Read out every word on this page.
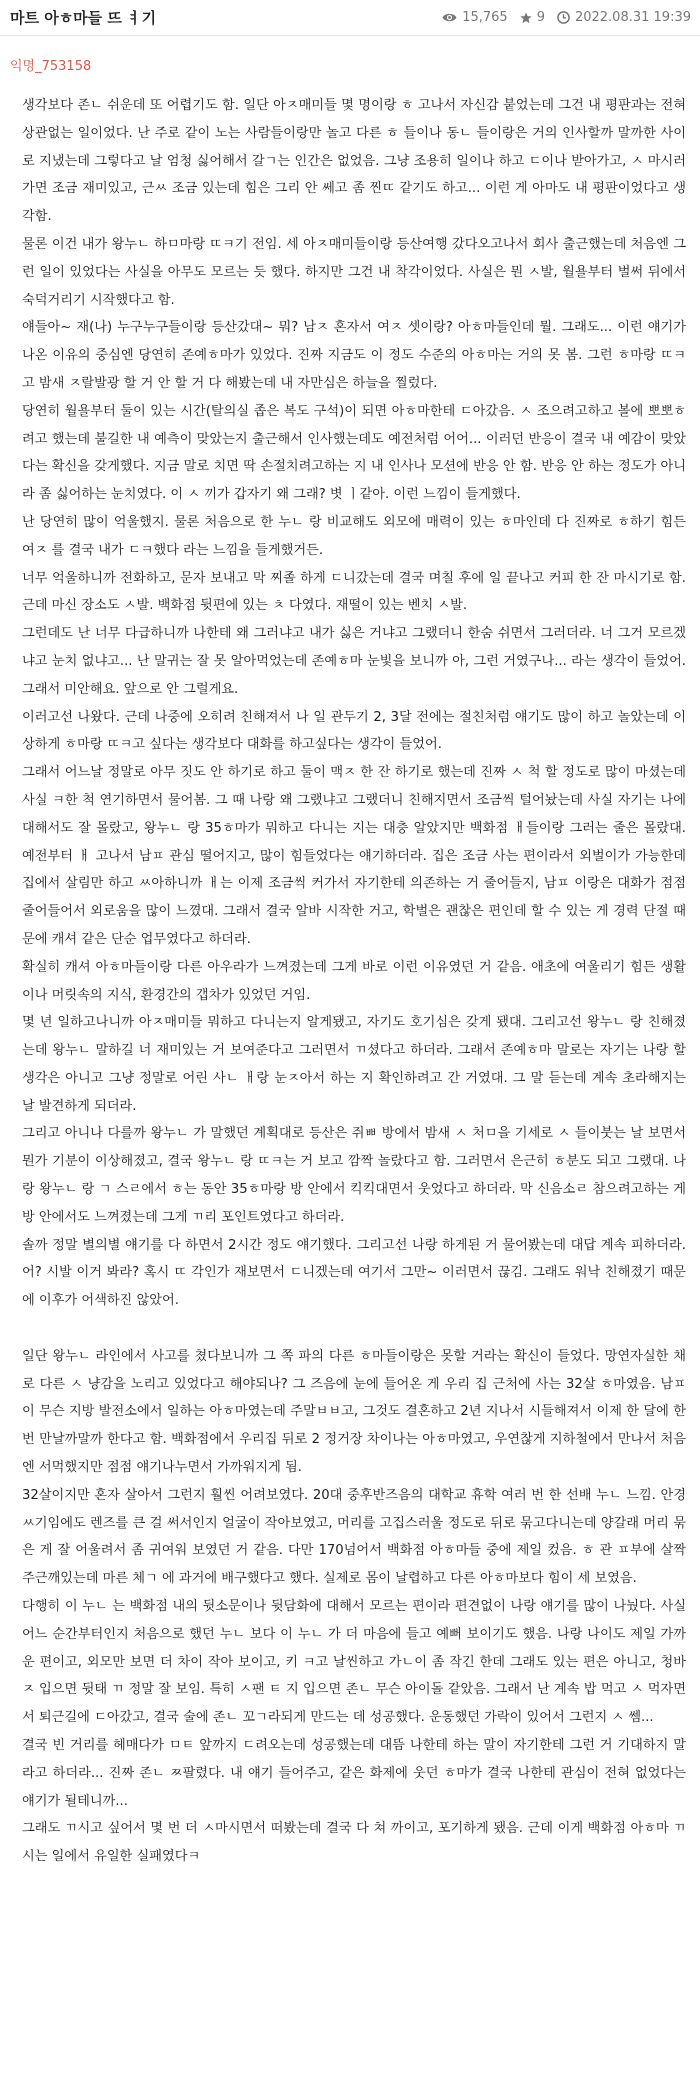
마트 아ㅎ마들 뜨 ㅕ기	15,765 9 2022.08.31 19:39
익명_753158

생각보다 존ㄴ 쉬운데 또 어렵기도 함. 일단 아ㅈ매미들 몇 명이랑 ㅎ 고나서 자신감 붙었는데 그건 내 평판과는 전혀 상관없는 일이었다. 난 주로 같이 노는 사람들이랑만 놀고 다른 ㅎ 들이나 동ㄴ 들이랑은 거의 인사할까 말까한 사이로 지냈는데 그렇다고 날 엄청 싫어해서 갈ㄱ는 인간은 없었음. 그냥 조용히 일이나 하고 ㄷ이나 받아가고, ㅅ 마시러 가면 조금 재미있고, 근ㅆ 조금 있는데 힘은 그리 안 쎄고 좀 찐ㄸ 같기도 하고... 이런 게 아마도 내 평판이었다고 생각함.

물론 이건 내가 왕누ㄴ 하ㅁ마랑 ㄸㅋ기 전임. 세 아ㅈ매미들이랑 등산여행 갔다오고나서 회사 출근했는데 처음엔 그런 일이 있었다는 사실을 아무도 모르는 듯 했다. 하지만 그건 내 착각이었다. 사실은 뭔 ㅅ발, 월욜부터 벌써 뒤에서 숙덕거리기 시작했다고 함.

얘들아~ 재(나) 누구누구들이랑 등산갔대~ 뭐? 남ㅈ 혼자서 여ㅈ 셋이랑? 아ㅎ마들인데 뭘. 그래도... 이런 얘기가 나온 이유의 중심엔 당연히 존예ㅎ마가 있었다. 진짜 지금도 이 정도 수준의 아ㅎ마는 거의 못 봄. 그런 ㅎ마랑 ㄸㅋ고 밤새 ㅈ랄발광 할 거 안 할 거 다 해봤는데 내 자만심은 하늘을 찔렀다.

당연히 월욜부터 둘이 있는 시간(탈의실 좁은 복도 구석)이 되면 아ㅎ마한테 ㄷ아갔음. ㅅ 조으려고하고 볼에 뽀뽀ㅎ려고 했는데 불길한 내 예측이 맞았는지 출근해서 인사했는데도 예전처럼 어어... 이러던 반응이 결국 내 예감이 맞았다는 확신을 갖게했다. 지금 말로 치면 딱 손절치려고하는 지 내 인사나 모션에 반응 안 함. 반응 안 하는 정도가 아니라 좀 싫어하는 눈치였다. 이 ㅅ 끼가 갑자기 왜 그래? 볏 ㅣ같아. 이런 느낌이 들게했다.

난 당연히 많이 억울했지. 물론 처음으로 한 누ㄴ 랑 비교해도 외모에 매력이 있는 ㅎ마인데 다 진짜로 ㅎ하기 힘든 여ㅈ 를 결국 내가 ㄷㅋ했다 라는 느낌을 들게했거든.

너무 억울하니까 전화하고, 문자 보내고 막 찌졸 하게 ㄷ니갔는데 결국 며칠 후에 일 끝나고 커피 한 잔 마시기로 함. 근데 마신 장소도 ㅅ발. 백화점 뒷편에 있는 ㅊ 다였다. 재떨이 있는 벤치 ㅅ발.

그런데도 난 너무 다급하니까 나한테 왜 그러냐고 내가 싫은 거냐고 그랬더니 한숨 쉬면서 그러더라. 너 그거 모르겠냐고 눈치 없냐고... 난 말귀는 잘 못 알아먹었는데 존예ㅎ마 눈빛을 보니까 아, 그런 거였구나... 라는 생각이 들었어. 그래서 미안해요. 앞으로 안 그럴게요.

이러고선 나왔다. 근데 나중에 오히려 친해져서 나 일 관두기 2, 3달 전에는 절친처럼 얘기도 많이 하고 놀았는데 이상하게 ㅎ마랑 ㄸㅋ고 싶다는 생각보다 대화를 하고싶다는 생각이 들었어.

그래서 어느날 정말로 아무 짓도 안 하기로 하고 둘이 맥ㅈ 한 잔 하기로 했는데 진짜 ㅅ 척 할 정도로 많이 마셨는데 사실 ㅋ한 척 연기하면서 물어봄. 그 때 나랑 왜 그랬냐고 그랬더니 친해지면서 조금씩 털어놨는데 사실 자기는 나에 대해서도 잘 몰랐고, 왕누ㄴ 랑 35ㅎ마가 뭐하고 다니는 지는 대충 알았지만 백화점 ㅐ들이랑 그러는 줄은 몰랐대. 예전부터 ㅐ 고나서 남ㅍ 관심 떨어지고, 많이 힘들었다는 얘기하더라. 집은 조금 사는 편이라서 외벌이가 가능한데 집에서 살림만 하고 ㅆ아하니까 ㅐ는 이제 조금씩 커가서 자기한테 의존하는 거 줄어들지, 남ㅍ 이랑은 대화가 점점 줄어들어서 외로움을 많이 느꼈대. 그래서 결국 알바 시작한 거고, 학벌은 괜찮은 편인데 할 수 있는 게 경력 단절 때문에 캐셔 같은 단순 업무였다고 하더라.

확실히 캐셔 아ㅎ마들이랑 다른 아우라가 느껴졌는데 그게 바로 이런 이유였던 거 같음. 애초에 여울리기 힘든 생활이나 머릿속의 지식, 환경간의 갭차가 있었던 거임.

몇 년 일하고나니까 아ㅈ매미들 뭐하고 다니는지 알게됐고, 자기도 호기심은 갖게 됐대. 그리고선 왕누ㄴ 랑 친해졌는데 왕누ㄴ 말하길 너 재미있는 거 보여준다고 그러면서 ㄲ셨다고 하더라. 그래서 존예ㅎ마 말로는 자기는 나랑 할 생각은 아니고 그냥 정말로 어린 사ㄴ ㅐ랑 눈ㅈ아서 하는 지 확인하려고 간 거였대. 그 말 듣는데 계속 초라해지는 날 발견하게 되더라.

그리고 아니나 다를까 왕누ㄴ 가 말했던 계획대로 등산은 쥐ㅃ 방에서 밤새 ㅅ 처ㅁ을 기세로 ㅅ 들이붓는 날 보면서 뭔가 기분이 이상해졌고, 결국 왕누ㄴ 랑 ㄸㅋ는 거 보고 깜짝 놀랐다고 함. 그러면서 은근히 ㅎ분도 되고 그랬대. 나랑 왕누ㄴ 랑 ㄱ 스ㄹ에서 ㅎ는 동안 35ㅎ마랑 방 안에서 킥킥대면서 웃었다고 하더라. 막 신음소ㄹ 참으려고하는 게 방 안에서도 느껴졌는데 그게 ㄲ리 포인트였다고 하더라.

솔까 정말 별의별 얘기를 다 하면서 2시간 정도 얘기했다. 그리고선 나랑 하게된 거 물어봤는데 대답 계속 피하더라. 어? 시발 이거 봐라? 혹시 ㄸ 각인가 재보면서 ㄷ니겠는데 여기서 그만~ 이러면서 끊김. 그래도 워낙 친해졌기 때문에 이후가 어색하진 않았어.

일단 왕누ㄴ 라인에서 사고를 쳤다보니까 그 쪽 파의 다른 ㅎ마들이랑은 못할 거라는 확신이 들었다. 망연자실한 채로 다른 ㅅ 냥감을 노리고 있었다고 해야되나? 그 즈음에 눈에 들어온 게 우리 집 근처에 사는 32살 ㅎ마였음. 남ㅍ 이 무슨 지방 발전소에서 일하는 아ㅎ마였는데 주말ㅂㅂ고, 그것도 결혼하고 2년 지나서 시들해져서 이제 한 달에 한 번 만날까말까 한다고 함. 백화점에서 우리집 뒤로 2 정거장 차이나는 아ㅎ마였고, 우연찮게 지하철에서 만나서 처음엔 서먹했지만 점점 얘기나누면서 가까워지게 됨.

32살이지만 혼자 살아서 그런지 훨씬 어려보였다. 20대 중후반즈음의 대학교 휴학 여러 번 한 선배 누ㄴ 느낌. 안경ㅆ기임에도 렌즈를 큰 걸 써서인지 얼굴이 작아보였고, 머리를 고집스러울 정도로 뒤로 묶고다니는데 양갈래 머리 묶은 게 잘 어울려서 좀 귀여워 보였던 거 같음. 다만 170넘어서 백화점 아ㅎ마들 중에 제일 컸음. ㅎ 관 ㅍ부에 살짝 주근깨있는데 마른 체ㄱ 에 과거에 배구했다고 했다. 실제로 몸이 날렵하고 다른 아ㅎ마보다 힘이 세 보였음.

다행히 이 누ㄴ 는 백화점 내의 뒷소문이나 뒷담화에 대해서 모르는 편이라 편견없이 나랑 얘기를 많이 나눴다. 사실 어느 순간부터인지 처음으로 했던 누ㄴ 보다 이 누ㄴ 가 더 마음에 들고 예뻐 보이기도 했음. 나랑 나이도 제일 가까운 편이고, 외모만 보면 더 차이 작아 보이고, 키 ㅋ고 날씬하고 가ㄴ이 좀 작긴 한데 그래도 있는 편은 아니고, 청바 ㅈ 입으면 뒷태 ㄲ 정말 잘 보임. 특히 ㅅ팬 ㅌ 지 입으면 존ㄴ 무슨 아이돌 같았음. 그래서 난 계속 밥 먹고 ㅅ 먹자면서 퇴근길에 ㄷ아갔고, 결국 술에 존ㄴ 꼬ㄱ라되게 만드는 데 성공했다. 운동했던 가락이 있어서 그런지 ㅅ 쎔...

결국 빈 거리를 헤매다가 ㅁㅌ 앞까지 ㄷ려오는데 성공했는데 대뜸 나한테 하는 말이 자기한테 그런 거 기대하지 말라고 하더라... 진짜 존ㄴ ㅉ팔렸다. 내 얘기 들어주고, 같은 화제에 웃던 ㅎ마가 결국 나한테 관심이 전혀 없었다는 얘기가 될테니까...

그래도 ㄲ시고 싶어서 몇 번 더 ㅅ마시면서 떠봤는데 결국 다 쳐 까이고, 포기하게 됐음. 근데 이게 백화점 아ㅎ마 ㄲ시는 일에서 유일한 실패였다ㅋ
